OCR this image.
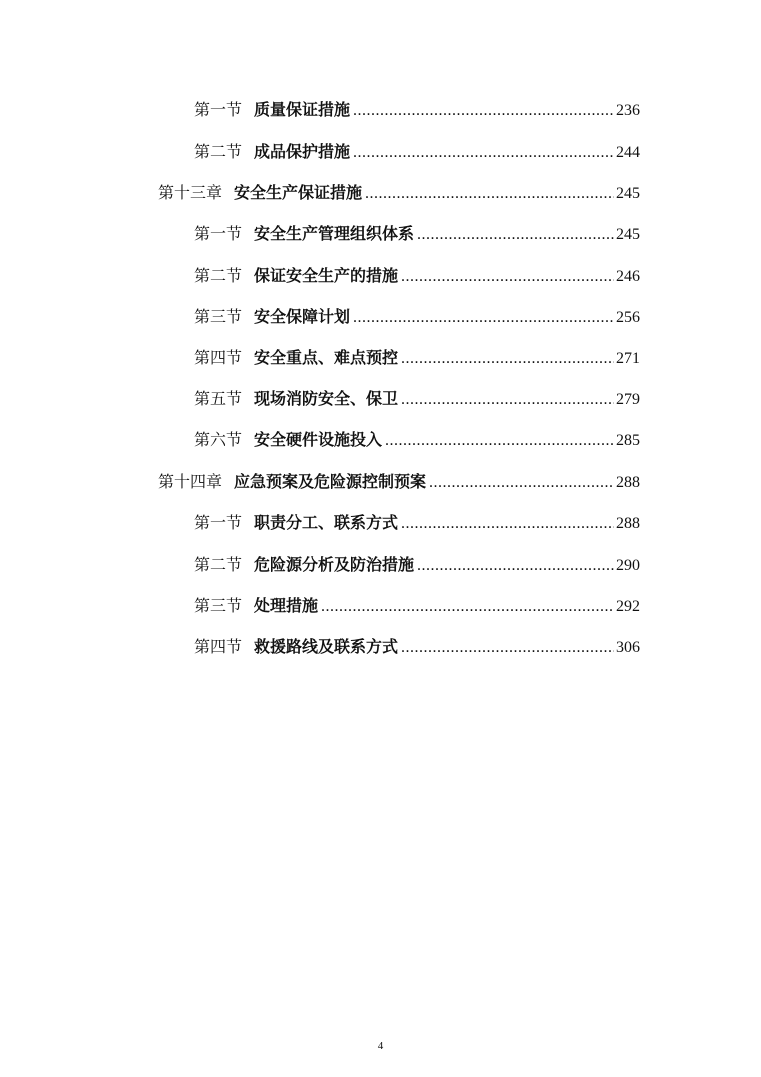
第一节 质量保证措施 .....	236
第二节 成品保护措施 .....	244
第十三章 安全生产保证措施 .....	245
第一节 安全生产管理组织体系 .....	245
第二节 保证安全生产的措施 .....	246
第三节 安全保障计划 .....	256
第四节 安全重点、难点预控 .....	271
第五节 现场消防安全、保卫 .....	279
第六节 安全硬件设施投入 .....	285
第十四章 应急预案及危险源控制预案 .....	288
第一节 职责分工、联系方式 .....	288
第二节 危险源分析及防治措施 .....	290
第三节 处理措施 .....	292
第四节 救援路线及联系方式 .....	306
4
